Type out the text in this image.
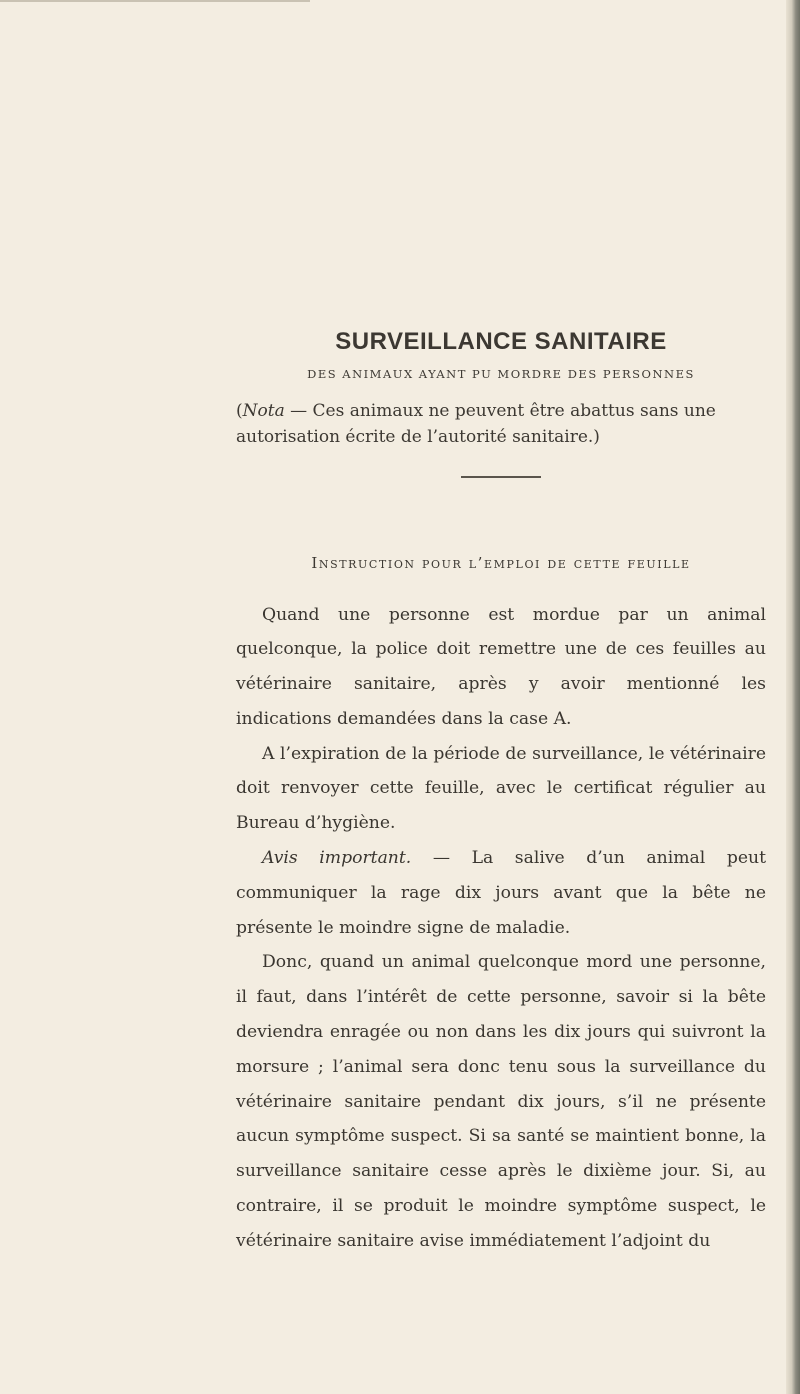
SURVEILLANCE SANITAIRE
DES ANIMAUX AYANT PU MORDRE DES PERSONNES
(Nota — Ces animaux ne peuvent être abattus sans une autorisation écrite de l’autorité sanitaire.)
Instruction pour l’emploi de cette feuille

Quand une personne est mordue par un animal quelconque, la police doit remettre une de ces feuilles au vétérinaire sanitaire, après y avoir mentionné les indications demandées dans la case A.

A l’expiration de la période de surveillance, le vétérinaire doit renvoyer cette feuille, avec le certificat régulier au Bureau d’hygiène.

Avis important. — La salive d’un animal peut communiquer la rage dix jours avant que la bête ne présente le moindre signe de maladie.

Donc, quand un animal quelconque mord une personne, il faut, dans l’intérêt de cette personne, savoir si la bête deviendra enragée ou non dans les dix jours qui suivront la morsure ; l’animal sera donc tenu sous la surveillance du vétérinaire sanitaire pendant dix jours, s’il ne présente aucun symptôme suspect. Si sa santé se maintient bonne, la surveillance sanitaire cesse après le dixième jour. Si, au contraire, il se produit le moindre symptôme suspect, le vétérinaire sanitaire avise immédiatement l’adjoint du
